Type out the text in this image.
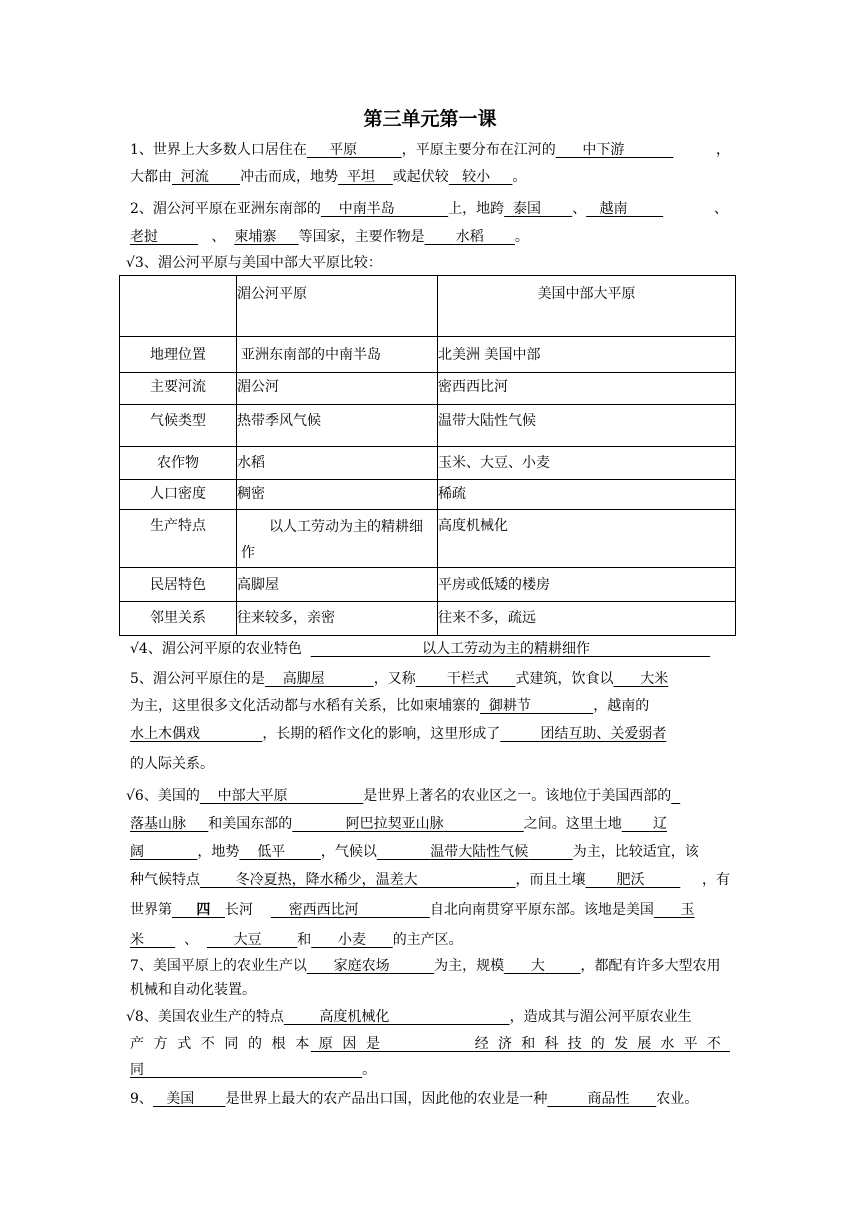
第三单元第一课
1、世界上大多数人口居住在 平原	，平原主要分布在江河的 中下游	，
大都由 河流 冲击而成，地势 平坦 或起伏较 较小 。
2、湄公河平原在亚洲东南部的 中南半岛	上，地跨 泰国 、 越南	、
老挝	、 柬埔寨 等国家，主要作物是 水稻 。
√3、湄公河平原与美国中部大平原比较：
	湄公河平原	美国中部大平原
地理位置	亚洲东南部的中南半岛	北美洲 美国中部
主要河流	湄公河	密西西比河
气候类型	热带季风气候	温带大陆性气候
农作物	水稻	玉米、大豆、小麦
人口密度	稠密	稀疏
生产特点	以人工劳动为主的精耕细作	高度机械化
民居特色	高脚屋	平房或低矮的楼房
邻里关系	往来较多，亲密	往来不多，疏远
√4、湄公河平原的农业特色	以人工劳动为主的精耕细作
5、湄公河平原住的是 高脚屋	，又称 干栏式 式建筑，饮食以 大米
为主，这里很多文化活动都与水稻有关系，比如柬埔寨的 御耕节	，越南的
水上木偶戏	，长期的稻作文化的影响，这里形成了	团结互助、关爱弱者
的人际关系。
√6、美国的 中部大平原	是世界上著名的农业区之一。该地位于美国西部的
落基山脉 和美国东部的	阿巴拉契亚山脉	之间。这里土地 辽
阔	，地势 低平	，气候以	温带大陆性气候	为主，比较适宜，该
种气候特点	冬冷夏热，降水稀少，温差大	，而且土壤 肥沃	，有
世界第 四 长河	密西西比河	自北向南贯穿平原东部。该地是美国 玉
米	、	大豆	和 小麦 的主产区。
7、美国平原上的农业生产以 家庭农场	为主，规模 大	，都配有许多大型农用
机械和自动化装置。
√8、美国农业生产的特点	高度机械化	，造成其与湄公河平原农业生
产方式不同的根本原因是	经济和科技的发展水平不
同	。
9、 美国 是世界上最大的农产品出口国，因此他的农业是一种	商品性 农业。
